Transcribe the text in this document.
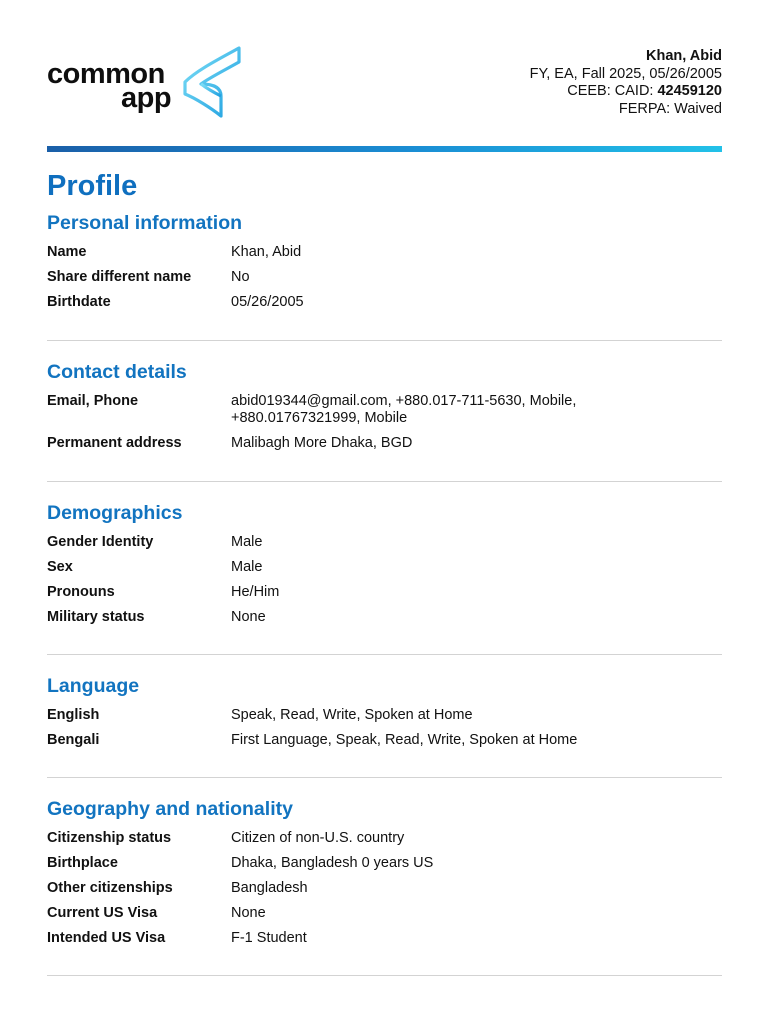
common
app
Khan, Abid
FY, EA, Fall 2025, 05/26/2005
CEEB: CAID: 42459120
FERPA: Waived
Profile
Personal information
Name	Khan, Abid
Share different name	No
Birthdate	05/26/2005
Contact details
Email, Phone	abid019344@gmail.com, +880.017-711-5630, Mobile,
+880.01767321999, Mobile
Permanent address	Malibagh More Dhaka, BGD
Demographics
Gender Identity	Male
Sex	Male
Pronouns	He/Him
Military status	None
Language
English	Speak, Read, Write, Spoken at Home
Bengali	First Language, Speak, Read, Write, Spoken at Home
Geography and nationality
Citizenship status	Citizen of non-U.S. country
Birthplace	Dhaka, Bangladesh 0 years US
Other citizenships	Bangladesh
Current US Visa	None
Intended US Visa	F-1 Student
